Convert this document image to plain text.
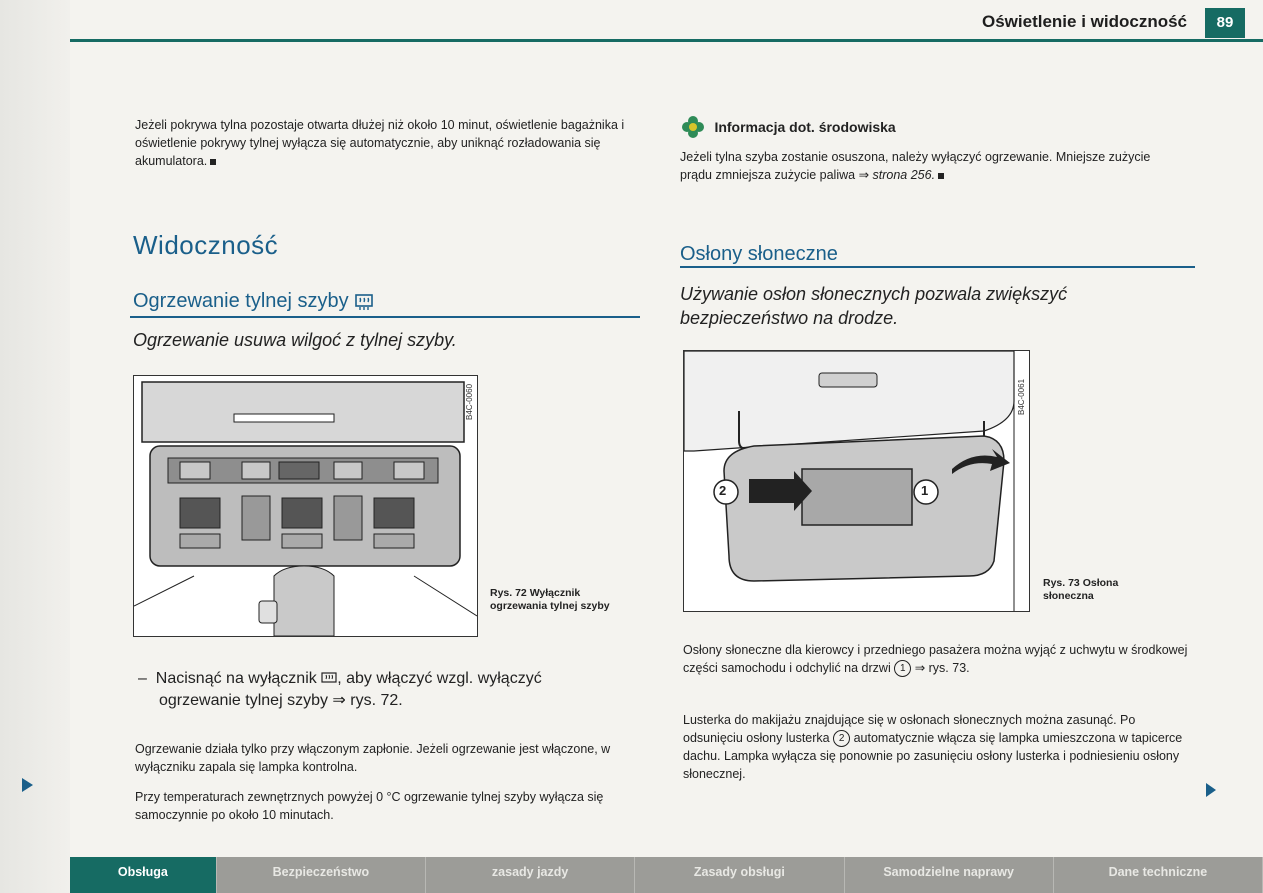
Oświetlenie i widoczność	89

Jeżeli pokrywa tylna pozostaje otwarta dłużej niż około 10 minut, oświetlenie bagażnika i oświetlenie pokrywy tylnej wyłącza się automatycznie, aby uniknąć rozładowania się akumulatora.

Widoczność
Ogrzewanie tylnej szyby

Ogrzewanie usuwa wilgoć z tylnej szyby.

B4C-0060
Rys. 72 Wyłącznik ogrzewania tylnej szyby
–  Nacisnąć na wyłącznik , aby włączyć wzgl. wyłączyć
ogrzewanie tylnej szyby ⇒ rys. 72.

Ogrzewanie działa tylko przy włączonym zapłonie. Jeżeli ogrzewanie jest włączone, w wyłączniku zapala się lampka kontrolna.

Przy temperaturach zewnętrznych powyżej 0 °C ogrzewanie tylnej szyby wyłącza się samoczynnie po około 10 minutach.

Informacja dot. środowiska

Jeżeli tylna szyba zostanie osuszona, należy wyłączyć ogrzewanie. Mniejsze zużycie prądu zmniejsza zużycie paliwa ⇒ strona 256.

Osłony słoneczne

Używanie osłon słonecznych pozwala zwiększyć bezpieczeństwo na drodze.

2	1
B4C-0061
Rys. 73 Osłona słoneczna

Osłony słoneczne dla kierowcy i przedniego pasażera można wyjąć z uchwytu w środkowej części samochodu i odchylić na drzwi 1 ⇒ rys. 73.

Lusterka do makijażu znajdujące się w osłonach słonecznych można zasunąć. Po odsunięciu osłony lusterka 2 automatycznie włącza się lampka umieszczona w tapicerce dachu. Lampka wyłącza się ponownie po zasunięciu osłony lusterka i podniesieniu osłony słonecznej.

Obsługa	Bezpieczeństwo	zasady jazdy	Zasady obsługi	Samodzielne naprawy	Dane techniczne
